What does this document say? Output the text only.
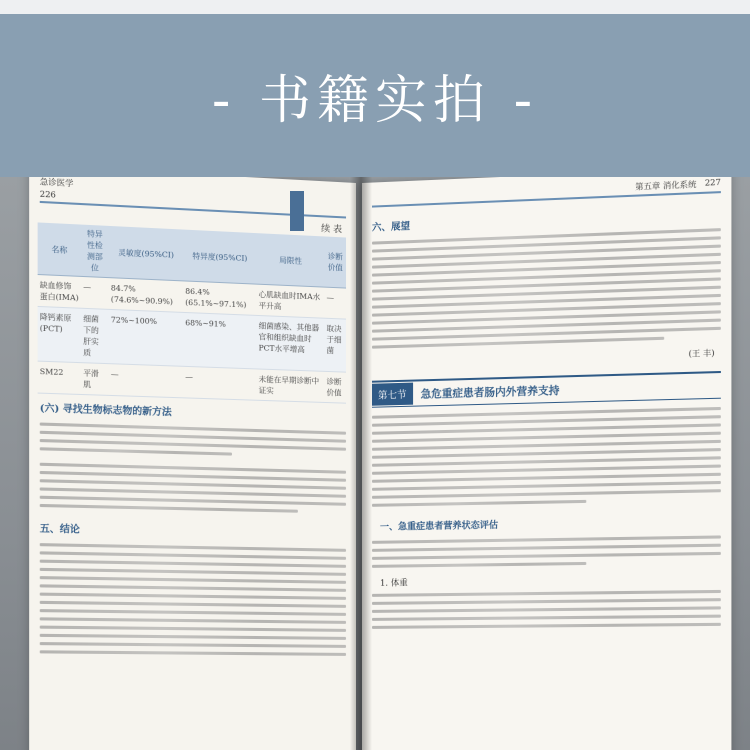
- 书籍实拍 -
急诊医学
226
续 表
名称	特异性检测部位	灵敏度(95%CI)	特异度(95%CI)	局限性	诊断价值
缺血修饰蛋白(IMA)	—	84.7%(74.6%~90.9%)	86.4%(65.1%~97.1%)	心肌缺血时IMA水平升高	—
降钙素原(PCT)	细菌下的肝实质	72%~100%	68%~91%	细菌感染、其他器官和组织缺血时PCT水平增高	取决于细菌
SM22	平滑肌	—	—	未能在早期诊断中证实	诊断价值
(六) 寻找生物标志物的新方法
五、结论
第五章 消化系统 227
六、展望
(王 丰)
第七节	急危重症患者肠内外营养支持
一、急重症患者营养状态评估
1. 体重
